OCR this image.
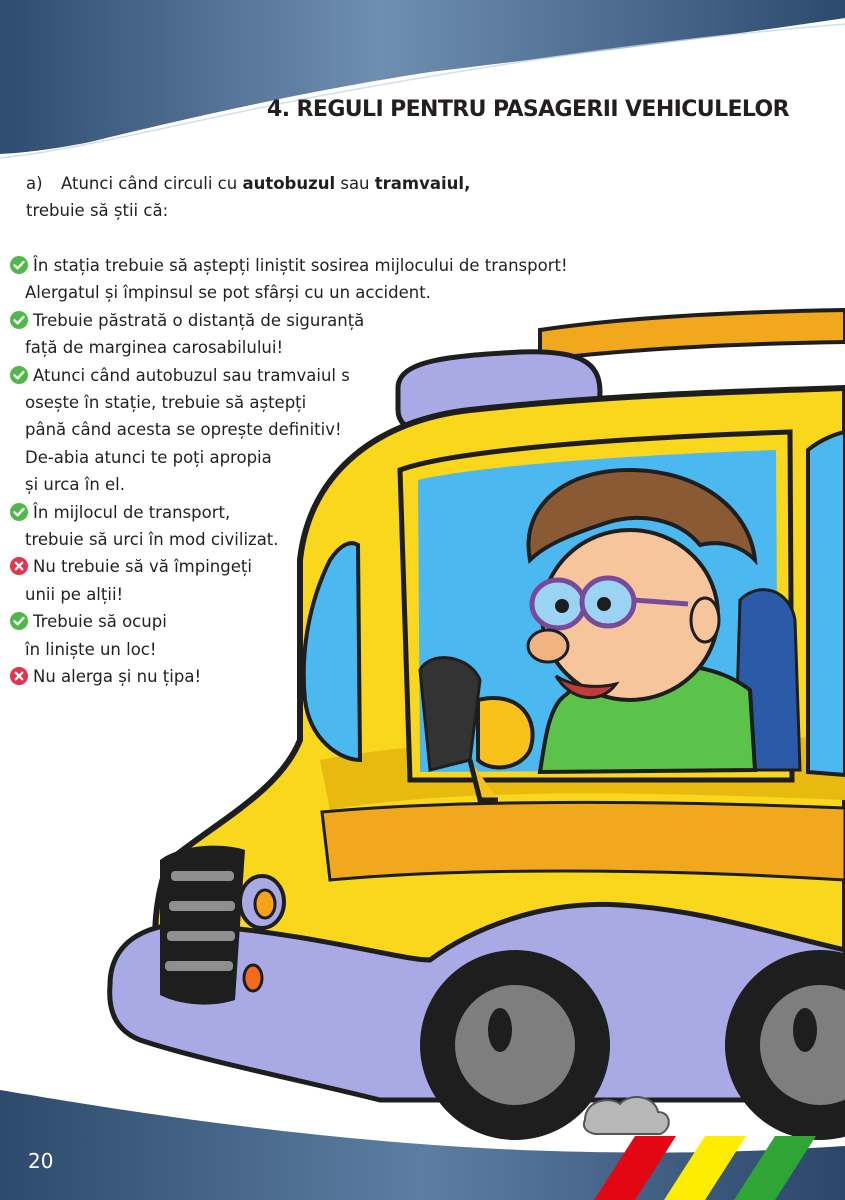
4. REGULI PENTRU PASAGERII VEHICULELOR
a) Atunci când circuli cu autobuzul sau tramvaiul,
trebuie să știi că:
În stația trebuie să aștepți liniștit sosirea mijlocului de transport!
Alergatul și împinsul se pot sfârși cu un accident.
Trebuie păstrată o distanță de siguranță
față de marginea carosabilului!
Atunci când autobuzul sau tramvaiul s
osește în stație, trebuie să aștepți
până când acesta se oprește definitiv!
De-abia atunci te poți apropia
și urca în el.
În mijlocul de transport,
trebuie să urci în mod civilizat.
Nu trebuie să vă împingeți
unii pe alții!
Trebuie să ocupi
în liniște un loc!
Nu alerga și nu țipa!
20
